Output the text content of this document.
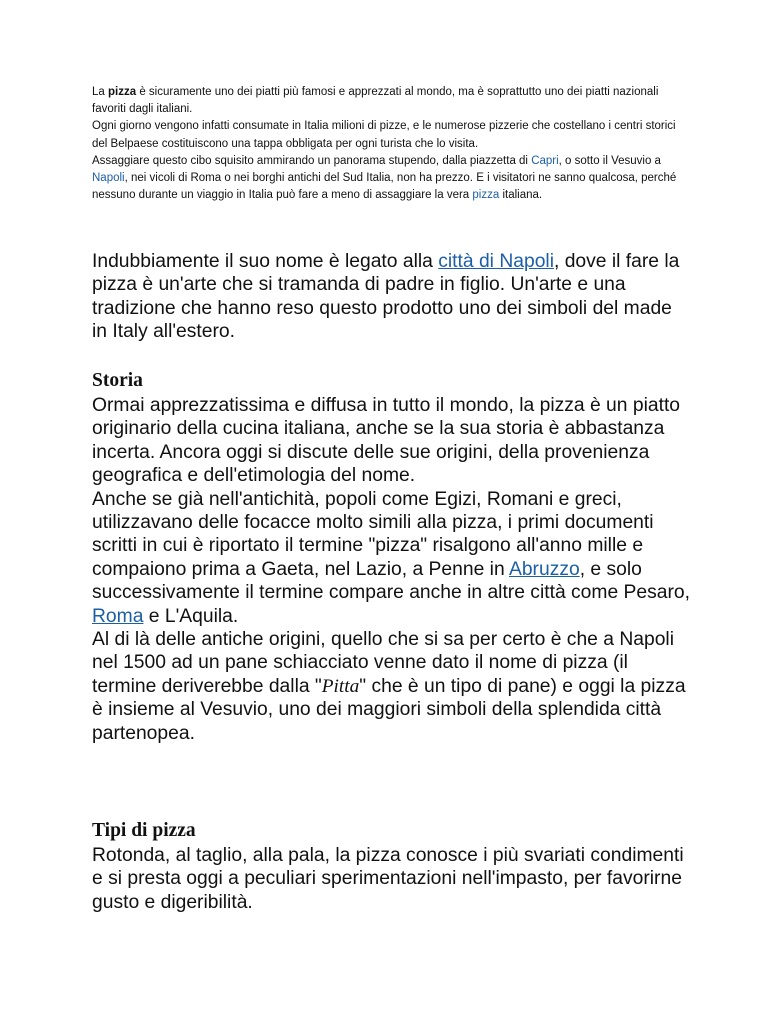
La pizza è sicuramente uno dei piatti più famosi e apprezzati al mondo, ma è soprattutto uno dei piatti nazionali favoriti dagli italiani.

Ogni giorno vengono infatti consumate in Italia milioni di pizze, e le numerose pizzerie che costellano i centri storici del Belpaese costituiscono una tappa obbligata per ogni turista che lo visita.

Assaggiare questo cibo squisito ammirando un panorama stupendo, dalla piazzetta di Capri, o sotto il Vesuvio a Napoli, nei vicoli di Roma o nei borghi antichi del Sud Italia, non ha prezzo. E i visitatori ne sanno qualcosa, perché nessuno durante un viaggio in Italia può fare a meno di assaggiare la vera pizza italiana.

Indubbiamente il suo nome è legato alla città di Napoli, dove il fare la pizza è un'arte che si tramanda di padre in figlio. Un'arte e una tradizione che hanno reso questo prodotto uno dei simboli del made in Italy all'estero.

Storia

Ormai apprezzatissima e diffusa in tutto il mondo, la pizza è un piatto originario della cucina italiana, anche se la sua storia è abbastanza incerta. Ancora oggi si discute delle sue origini, della provenienza geografica e dell'etimologia del nome.

Anche se già nell'antichità, popoli come Egizi, Romani e greci, utilizzavano delle focacce molto simili alla pizza, i primi documenti scritti in cui è riportato il termine "pizza" risalgono all'anno mille e compaiono prima a Gaeta, nel Lazio, a Penne in Abruzzo, e solo successivamente il termine compare anche in altre città come Pesaro, Roma e L'Aquila.

Al di là delle antiche origini, quello che si sa per certo è che a Napoli nel 1500 ad un pane schiacciato venne dato il nome di pizza (il termine deriverebbe dalla "Pitta" che è un tipo di pane) e oggi la pizza è insieme al Vesuvio, uno dei maggiori simboli della splendida città partenopea.

Tipi di pizza

Rotonda, al taglio, alla pala, la pizza conosce i più svariati condimenti e si presta oggi a peculiari sperimentazioni nell'impasto, per favorirne gusto e digeribilità.
